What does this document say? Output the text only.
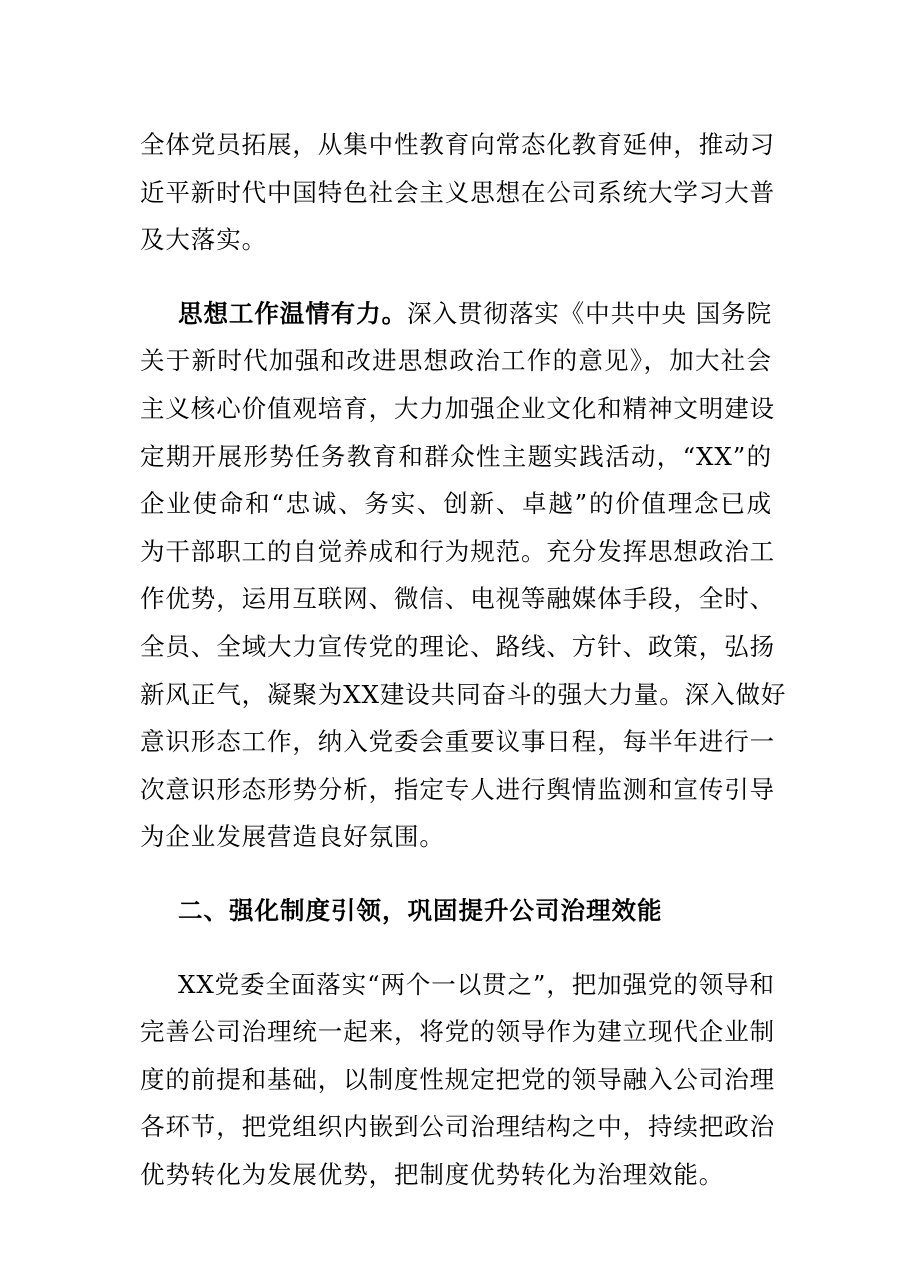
全体党员拓展，从集中性教育向常态化教育延伸，推动习
近平新时代中国特色社会主义思想在公司系统大学习大普
及大落实。
思想工作温情有力。深入贯彻落实《中共中央 国务院
关于新时代加强和改进思想政治工作的意见》，加大社会
主义核心价值观培育，大力加强企业文化和精神文明建设
定期开展形势任务教育和群众性主题实践活动，“XX”的
企业使命和“忠诚、务实、创新、卓越”的价值理念已成
为干部职工的自觉养成和行为规范。充分发挥思想政治工
作优势，运用互联网、微信、电视等融媒体手段，全时、
全员、全域大力宣传党的理论、路线、方针、政策，弘扬
新风正气，凝聚为XX建设共同奋斗的强大力量。深入做好
意识形态工作，纳入党委会重要议事日程，每半年进行一
次意识形态形势分析，指定专人进行舆情监测和宣传引导
为企业发展营造良好氛围。
二、强化制度引领，巩固提升公司治理效能
XX党委全面落实“两个一以贯之”，把加强党的领导和
完善公司治理统一起来，将党的领导作为建立现代企业制
度的前提和基础，以制度性规定把党的领导融入公司治理
各环节，把党组织内嵌到公司治理结构之中，持续把政治
优势转化为发展优势，把制度优势转化为治理效能。
